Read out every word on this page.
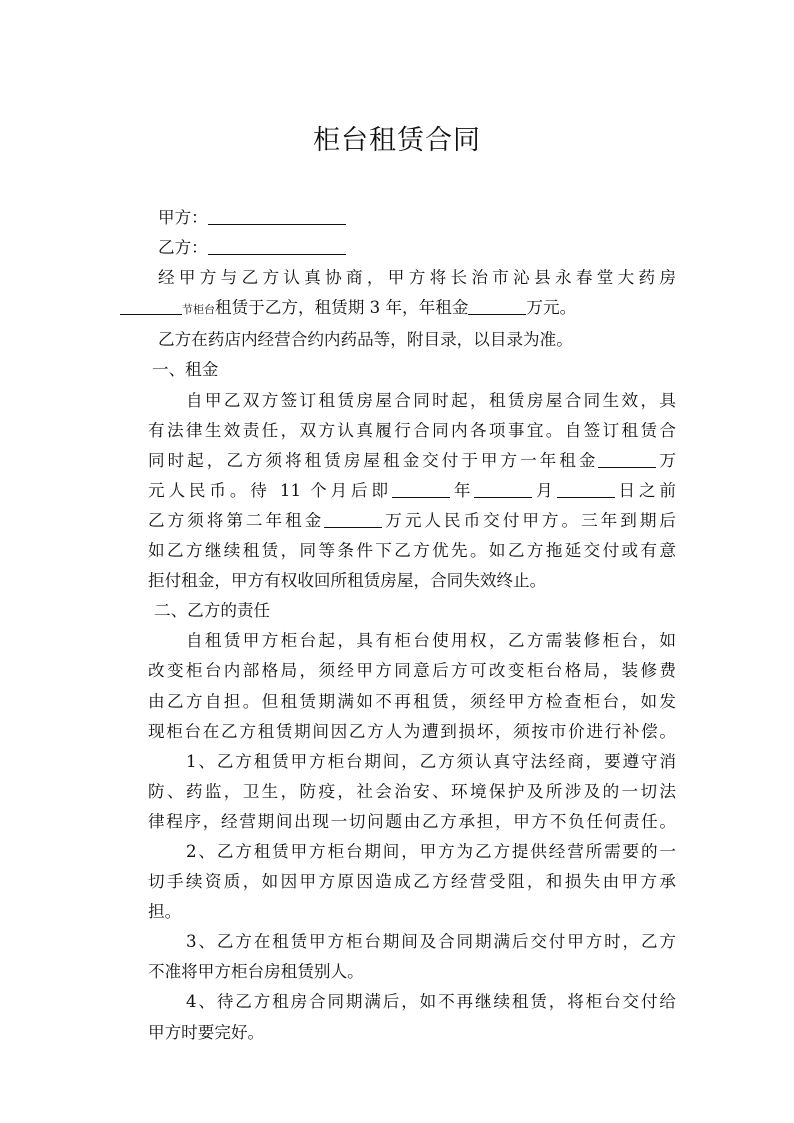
柜台租赁合同
甲方：
乙方：
经甲方与乙方认真协商，甲方将长治市沁县永春堂大药房
节柜台租赁于乙方，租赁期 3 年，年租金	万元。
乙方在药店内经营合约内药品等，附目录，以目录为准。
一、租金
自甲乙双方签订租赁房屋合同时起，租赁房屋合同生效，具
有法律生效责任，双方认真履行合同内各项事宜。自签订租赁合
同时起，乙方须将租赁房屋租金交付于甲方一年租金	万
元人民币。待 11 个月后即	年	月	日之前
乙方须将第二年租金	万元人民币交付甲方。三年到期后
如乙方继续租赁，同等条件下乙方优先。如乙方拖延交付或有意
拒付租金，甲方有权收回所租赁房屋，合同失效终止。
二、乙方的责任
自租赁甲方柜台起，具有柜台使用权，乙方需装修柜台，如
改变柜台内部格局，须经甲方同意后方可改变柜台格局，装修费
由乙方自担。但租赁期满如不再租赁，须经甲方检查柜台，如发
现柜台在乙方租赁期间因乙方人为遭到损坏，须按市价进行补偿。
1、乙方租赁甲方柜台期间，乙方须认真守法经商，要遵守消
防、药监，卫生，防疫，社会治安、环境保护及所涉及的一切法
律程序，经营期间出现一切问题由乙方承担，甲方不负任何责任。
2、乙方租赁甲方柜台期间，甲方为乙方提供经营所需要的一
切手续资质，如因甲方原因造成乙方经营受阻，和损失由甲方承
担。
3、乙方在租赁甲方柜台期间及合同期满后交付甲方时，乙方
不准将甲方柜台房租赁别人。
4、待乙方租房合同期满后，如不再继续租赁，将柜台交付给
甲方时要完好。
